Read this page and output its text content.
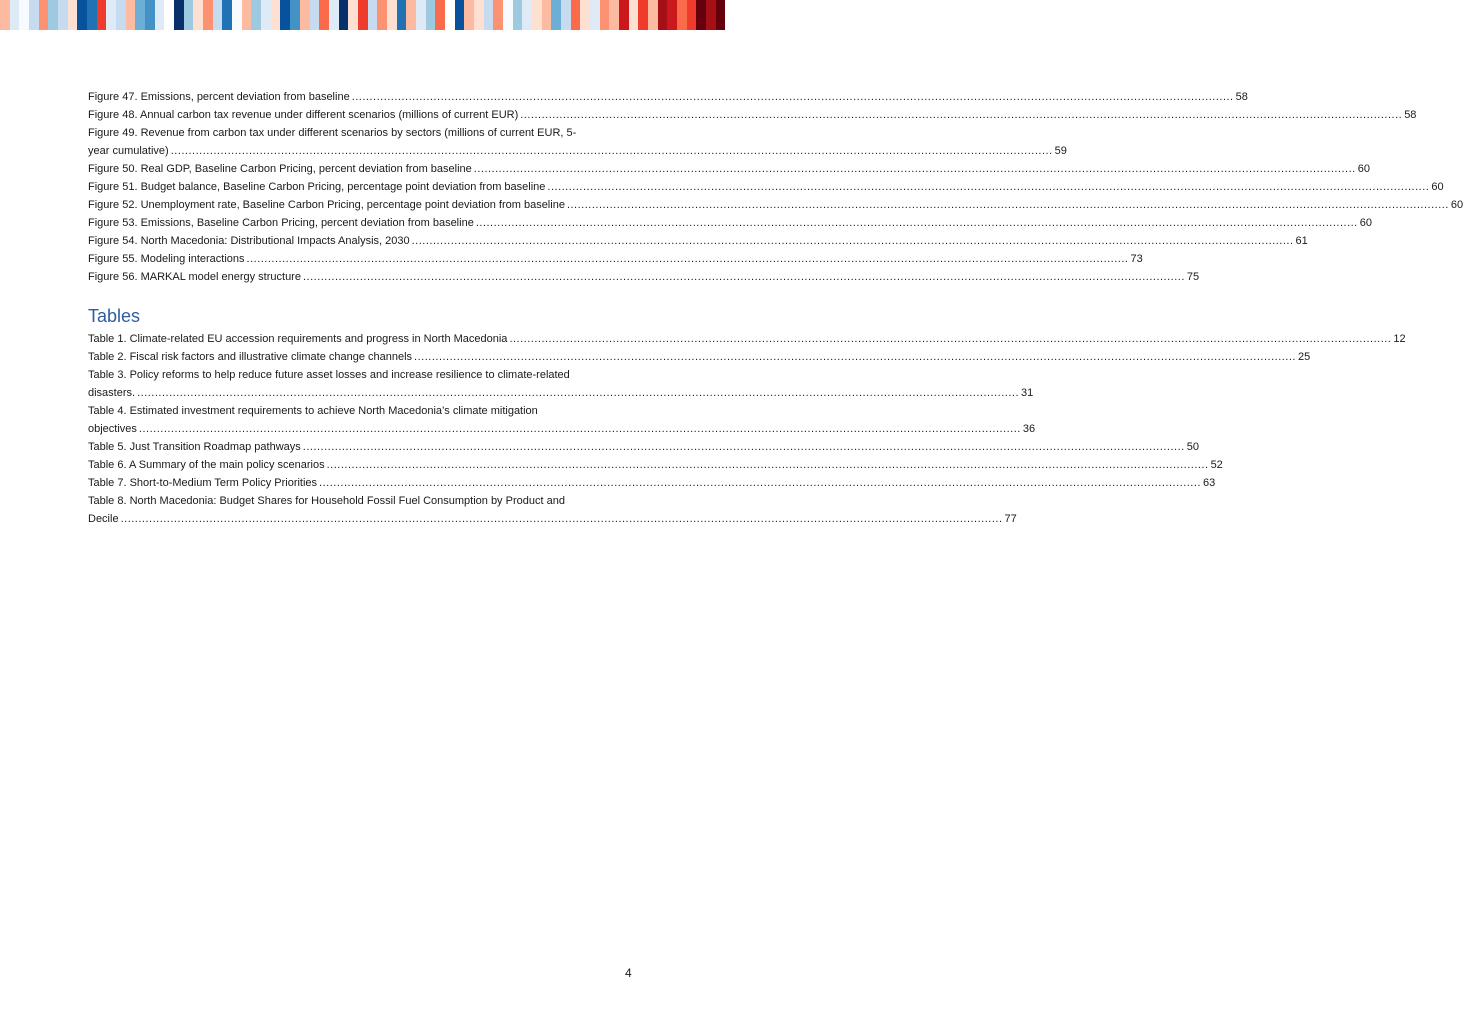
Figure 47. Emissions, percent deviation from baseline .....	58
Figure 48. Annual carbon tax revenue under different scenarios (millions of current EUR) .....	58
Figure 49. Revenue from carbon tax under different scenarios by sectors (millions of current EUR, 5-
year cumulative) .....	59
Figure 50. Real GDP, Baseline Carbon Pricing, percent deviation from baseline .....	60
Figure 51. Budget balance, Baseline Carbon Pricing, percentage point deviation from baseline .....	60
Figure 52. Unemployment rate, Baseline Carbon Pricing, percentage point deviation from baseline .....	60
Figure 53. Emissions, Baseline Carbon Pricing, percent deviation from baseline .....	60
Figure 54. North Macedonia: Distributional Impacts Analysis, 2030 .....	61
Figure 55. Modeling interactions .....	73
Figure 56. MARKAL model energy structure .....	75
Tables
Table 1. Climate-related EU accession requirements and progress in North Macedonia .....	12
Table 2. Fiscal risk factors and illustrative climate change channels .....	25
Table 3. Policy reforms to help reduce future asset losses and increase resilience to climate-related
disasters. .....	31
Table 4. Estimated investment requirements to achieve North Macedonia’s climate mitigation
objectives .....	36
Table 5. Just Transition Roadmap pathways .....	50
Table 6. A Summary of the main policy scenarios .....	52
Table 7. Short-to-Medium Term Policy Priorities .....	63
Table 8. North Macedonia: Budget Shares for Household Fossil Fuel Consumption by Product and
Decile .....	77
4
